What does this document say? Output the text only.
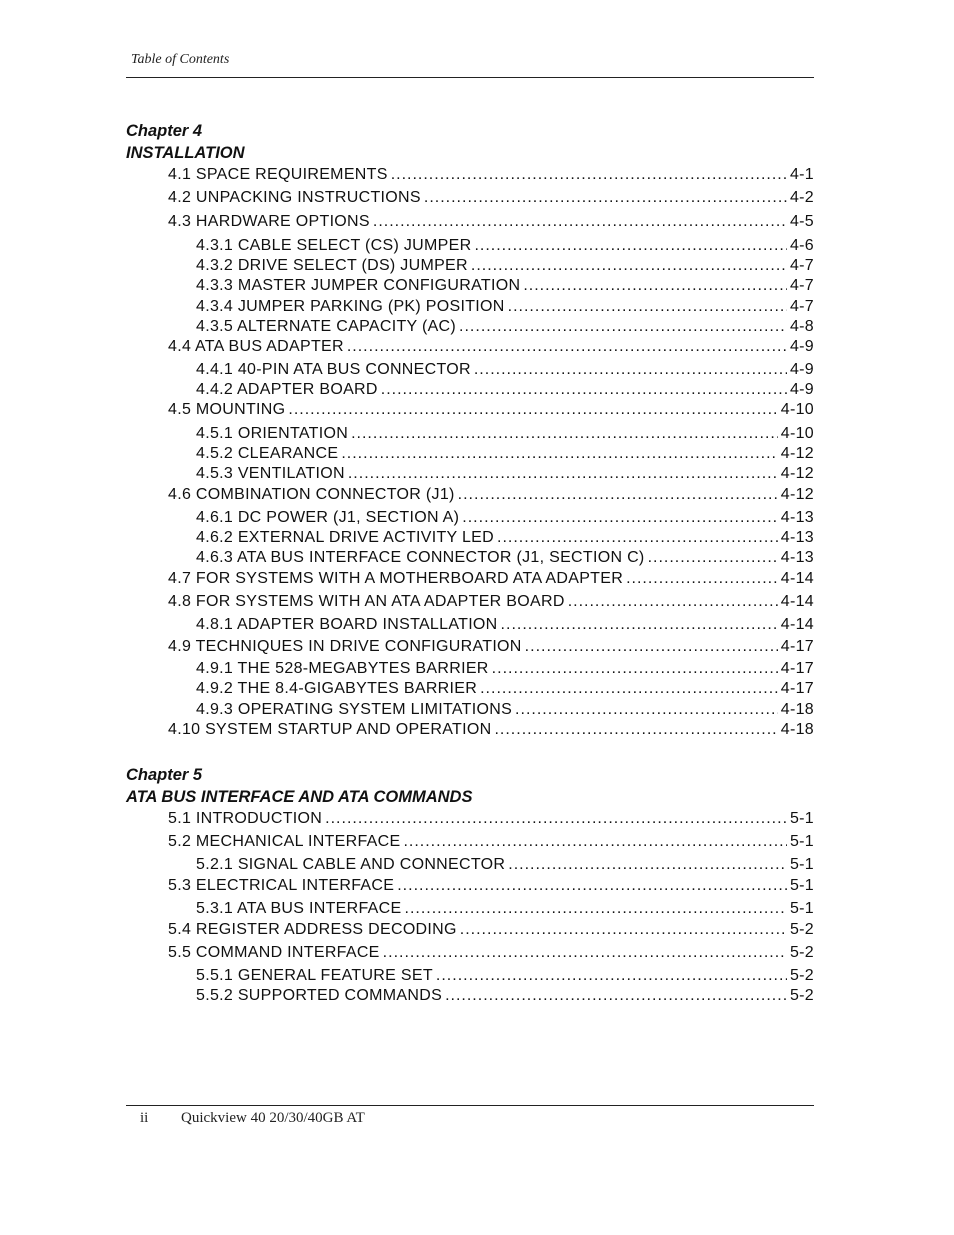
Table of Contents
Chapter 4
INSTALLATION
4.1 SPACE REQUIREMENTS .....	4-1
4.2 UNPACKING INSTRUCTIONS .....	4-2
4.3 HARDWARE OPTIONS .....	4-5
4.3.1 CABLE SELECT (CS) JUMPER .....	4-6
4.3.2 DRIVE SELECT (DS) JUMPER .....	4-7
4.3.3 MASTER JUMPER CONFIGURATION .....	4-7
4.3.4 JUMPER PARKING (PK) POSITION .....	4-7
4.3.5 ALTERNATE CAPACITY (AC) .....	4-8
4.4 ATA BUS ADAPTER .....	4-9
4.4.1 40-PIN ATA BUS CONNECTOR .....	4-9
4.4.2 ADAPTER BOARD .....	4-9
4.5 MOUNTING .....	4-10
4.5.1 ORIENTATION .....	4-10
4.5.2 CLEARANCE .....	4-12
4.5.3 VENTILATION .....	4-12
4.6 COMBINATION CONNECTOR (J1) .....	4-12
4.6.1 DC POWER (J1, SECTION A) .....	4-13
4.6.2 EXTERNAL DRIVE ACTIVITY LED .....	4-13
4.6.3 ATA BUS INTERFACE CONNECTOR (J1, SECTION C) .....	4-13
4.7 FOR SYSTEMS WITH A MOTHERBOARD ATA ADAPTER .....	4-14
4.8 FOR SYSTEMS WITH AN ATA ADAPTER BOARD .....	4-14
4.8.1 ADAPTER BOARD INSTALLATION .....	4-14
4.9 TECHNIQUES IN DRIVE CONFIGURATION .....	4-17
4.9.1 THE 528-MEGABYTES BARRIER .....	4-17
4.9.2 THE 8.4-GIGABYTES BARRIER .....	4-17
4.9.3 OPERATING SYSTEM LIMITATIONS .....	4-18
4.10 SYSTEM STARTUP AND OPERATION .....	4-18
Chapter 5
ATA BUS INTERFACE AND ATA COMMANDS
5.1 INTRODUCTION .....	5-1
5.2 MECHANICAL INTERFACE .....	5-1
5.2.1 SIGNAL CABLE AND CONNECTOR .....	5-1
5.3 ELECTRICAL INTERFACE .....	5-1
5.3.1 ATA BUS INTERFACE .....	5-1
5.4 REGISTER ADDRESS DECODING .....	5-2
5.5 COMMAND INTERFACE .....	5-2
5.5.1 GENERAL FEATURE SET .....	5-2
5.5.2 SUPPORTED COMMANDS .....	5-2
ii Quickview 40 20/30/40GB AT
